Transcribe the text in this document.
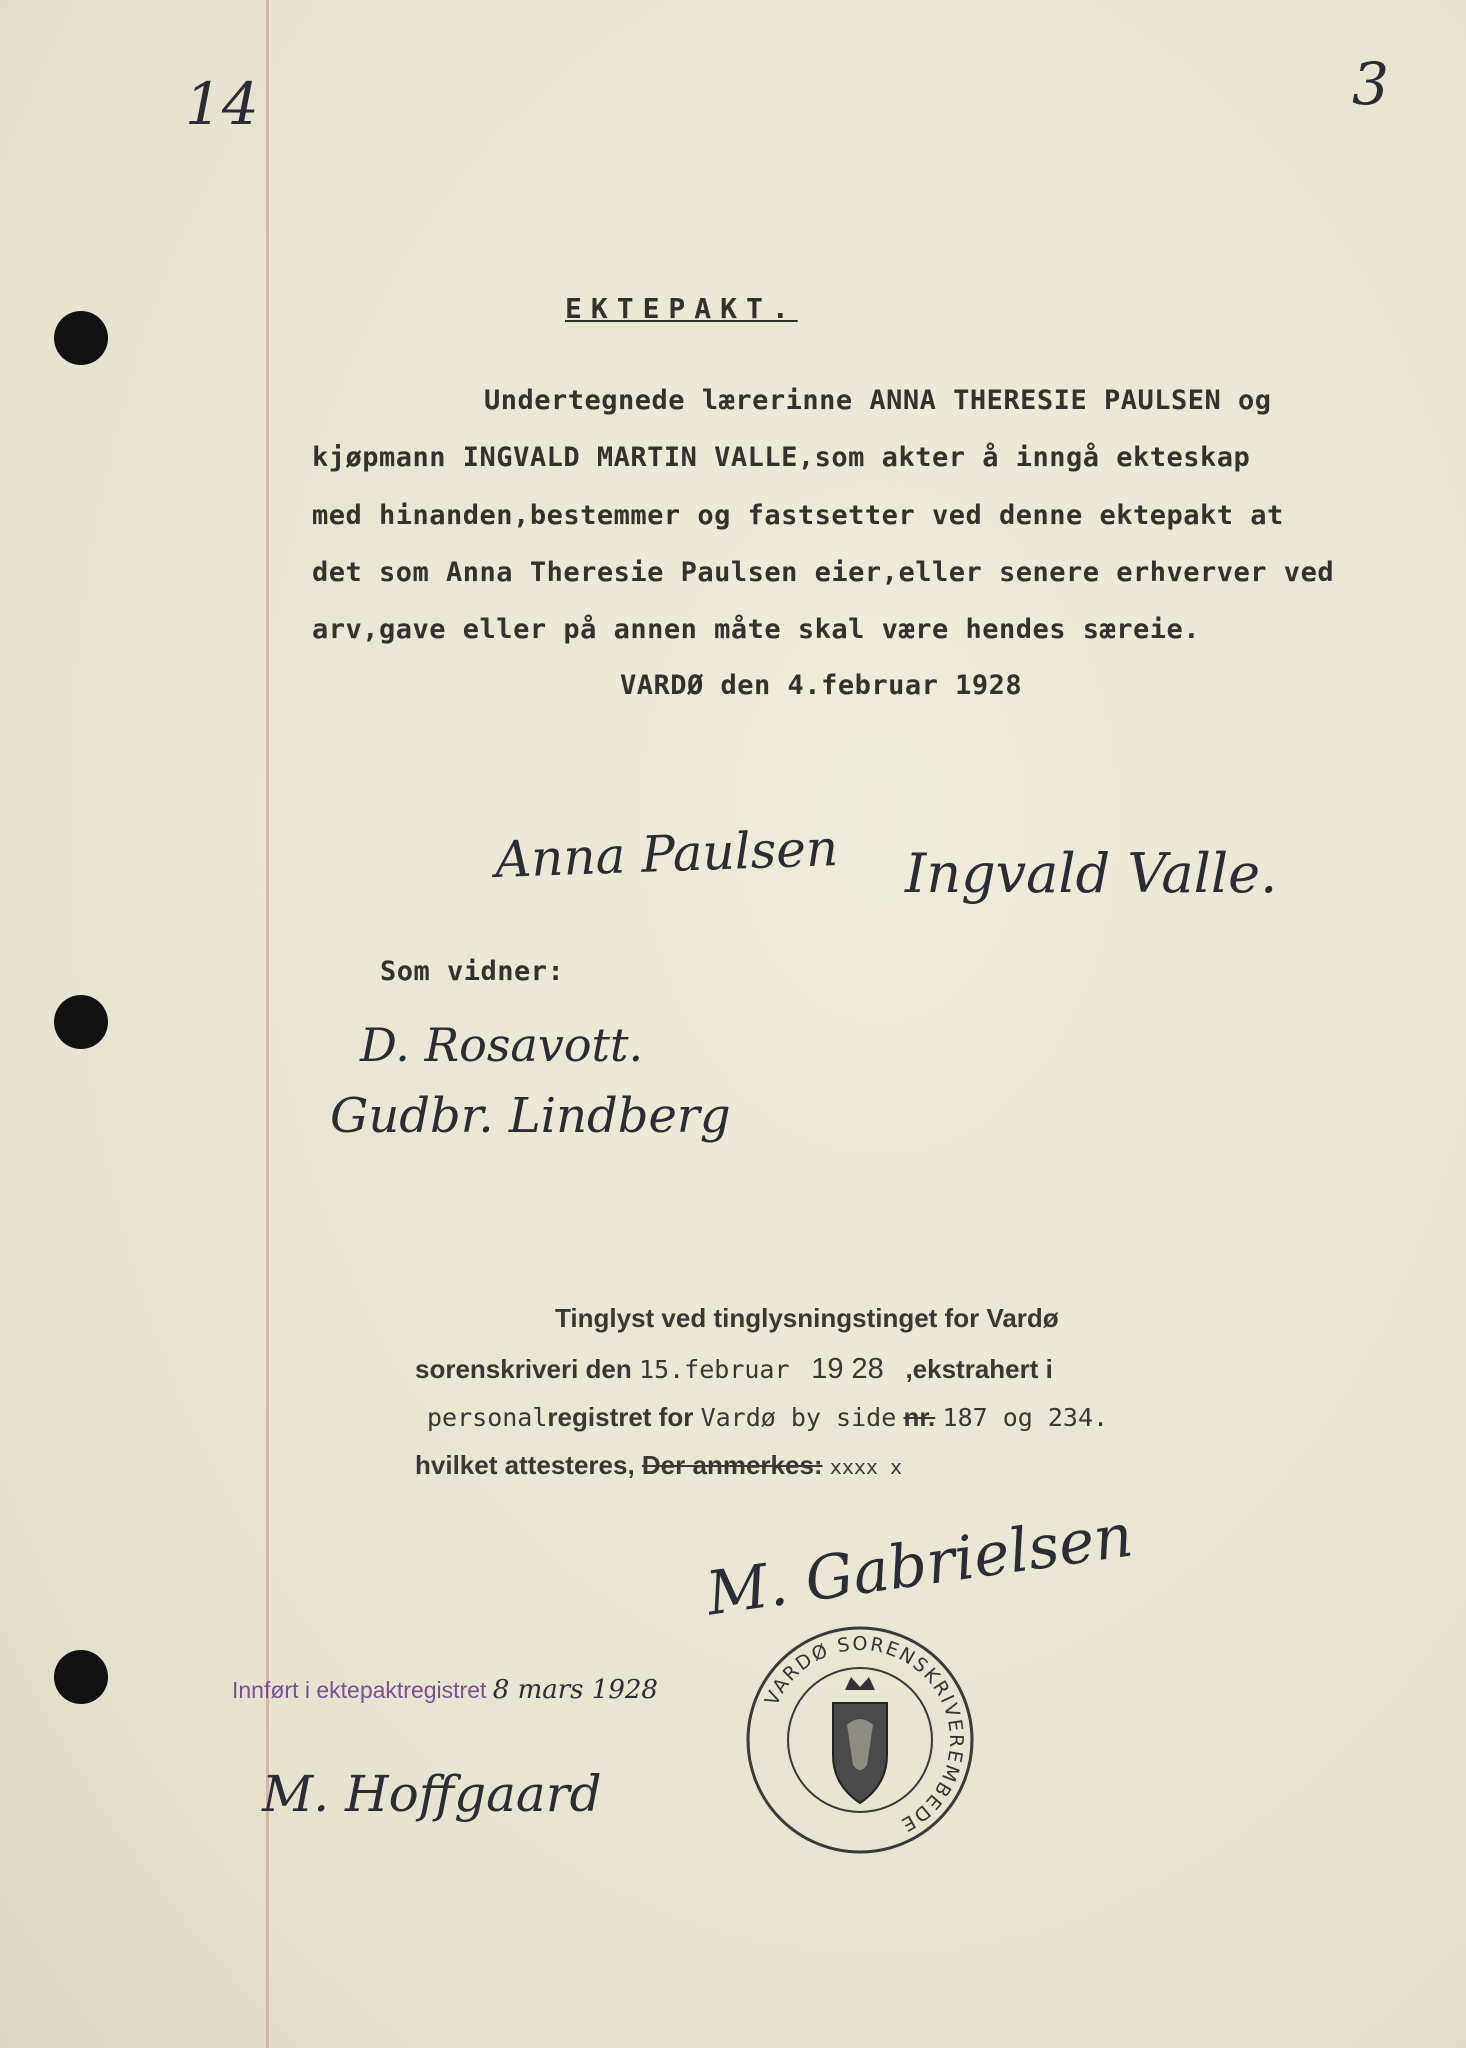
14	3
EKTEPAKT.
Undertegnede lærerinne ANNA THERESIE PAULSEN og
kjøpmann INGVALD MARTIN VALLE,som akter å inngå ekteskap
med hinanden,bestemmer og fastsetter ved denne ektepakt at
det som Anna Theresie Paulsen eier,eller senere erhverver ved
arv,gave eller på annen måte skal være hendes særeie.
VARDØ den 4.februar 1928
Anna Paulsen Ingvald Valle.
Som vidner:
D. Rosavott.
Gudbr. Lindberg
Tinglyst ved tinglysningstinget for Vardø
sorenskriveri den 15.februar 19 28 ,ekstrahert i
personalregistret for Vardø by side nr. 187 og 234.
hvilket attesteres, Der anmerkes: xxxx x
M. Gabrielsen
Innført i ektepaktregistret 8 mars 1928
M. Hoffgaard
VARDØ SORENSKRIVEREMBEDE
